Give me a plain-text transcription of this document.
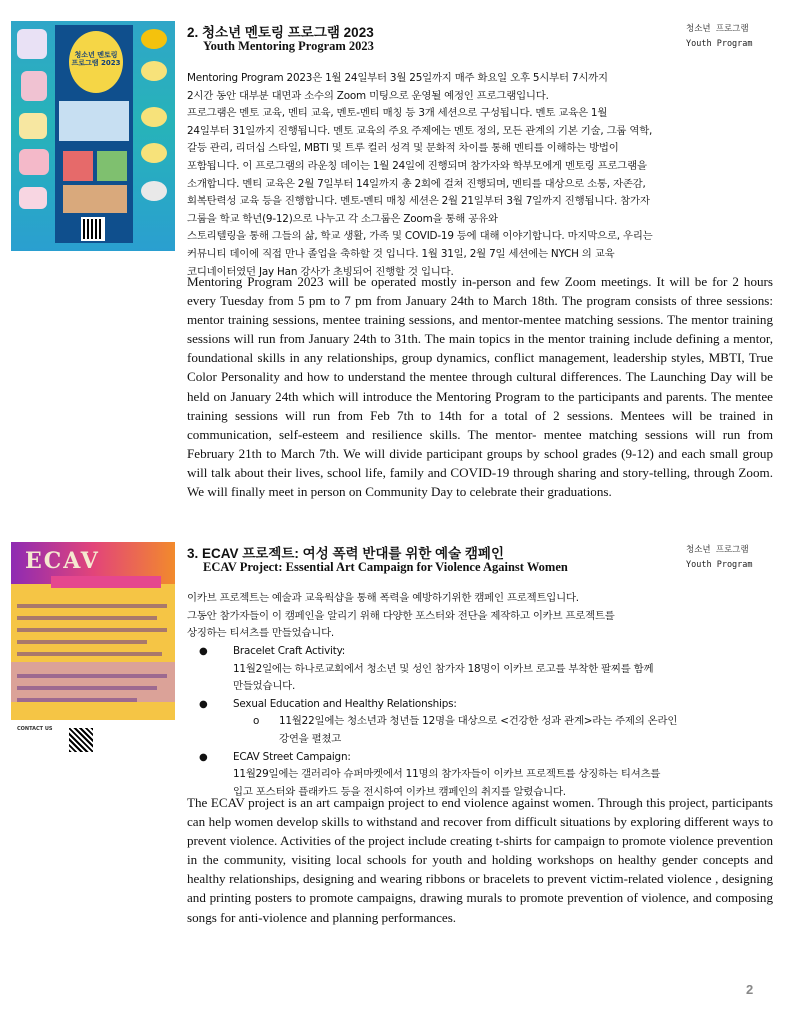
청소년 멘토링 프로그램 2023
2. 청소년 멘토링 프로그램 2023
Youth Mentoring Program 2023
청소년 프로그램
Youth Program
Mentoring Program 2023은 1월 24일부터 3월 25일까지 매주 화요일 오후 5시부터 7시까지
2시간 동안 대부분 대면과 소수의 Zoom 미팅으로 운영될 예정인 프로그램입니다.
프로그램은 멘토 교육, 멘티 교육, 멘토-멘티 매칭 등 3개 세션으로 구성됩니다. 멘토 교육은 1월
24일부터 31일까지 진행됩니다. 멘토 교육의 주요 주제에는 멘토 정의, 모든 관계의 기본 기술, 그룹 역학,
갈등 관리, 리더십 스타일, MBTI 및 트루 컬러 성격 및 문화적 차이를 통해 멘티를 이해하는 방법이
포함됩니다. 이 프로그램의 라운칭 데이는 1월 24일에 진행되며 참가자와 학부모에게 멘토링 프로그램을
소개합니다. 멘티 교육은 2월 7일부터 14일까지 총 2회에 걸쳐 진행되며, 멘티를 대상으로 소통, 자존감,
회복탄력성 교육 등을 진행합니다. 멘토-멘티 매칭 세션은 2월 21일부터 3월 7일까지 진행됩니다. 참가자
그룹을 학교 학년(9-12)으로 나누고 각 소그룹은 Zoom을 통해 공유와
스토리텔링을 통해 그들의 삶, 학교 생활, 가족 및 COVID-19 등에 대해 이야기합니다. 마지막으로, 우리는
커뮤니티 데이에 직접 만나 졸업을 축하할 것 입니다. 1월 31일, 2월 7일 세션에는 NYCH 의 교육
코디네이터였던 Jay Han 강사가 초빙되어 진행할 것 입니다.

Mentoring Program 2023 will be operated mostly in-person and few Zoom meetings. It will be for 2 hours every Tuesday from 5 pm to 7 pm from January 24th to March 18th. The program consists of three sessions: mentor training sessions, mentee training sessions, and mentor-mentee matching sessions. The mentor training sessions will run from January 24th to 31th. The main topics in the mentor training include defining a mentor, foundational skills in any relationships, group dynamics, conflict management, leadership styles, MBTI, True Color Personality and how to understand the mentee through cultural differences. The Launching Day will be held on January 24th which will introduce the Mentoring Program to the participants and parents. The mentee training sessions will run from Feb 7th to 14th for a total of 2 sessions. Mentees will be trained in communication, self-esteem and resilience skills. The mentor- mentee matching sessions will run from February 21th to March 7th. We will divide participant groups by school grades (9-12) and each small group will talk about their lives, school life, family and COVID-19 through sharing and story-telling, through Zoom. We will finally meet in person on Community Day to celebrate their graduations.

ECAV
CONTACT US
3. ECAV 프로젝트: 여성 폭력 반대를 위한 예술 캠페인
ECAV Project: Essential Art Campaign for Violence Against Women
청소년 프로그램
Youth Program
이카브 프로젝트는 예술과 교육웍샵을 통해 폭력을 예방하기위한 캠페인 프로젝트입니다.
그동안 참가자들이 이 캠페인을 알리기 위해 다양한 포스터와 전단을 제작하고 이카브 프로젝트를
상징하는 티셔츠를 만들었습니다.
● Bracelet Craft Activity:
11월2일에는 하나로교회에서 청소년 및 성인 참가자 18명이 이카브 로고를 부착한 팔찌를 함께
만들었습니다.
● Sexual Education and Healthy Relationships:
o 11월22일에는 청소년과 청년들 12명을 대상으로 <건강한 성과 관계>라는 주제의 온라인
강연을 펼쳤고
● ECAV Street Campaign:
11월29일에는 갤러리아 슈퍼마켓에서 11명의 참가자들이 이카브 프로젝트를 상징하는 티셔츠를
입고 포스터와 플래카드 등을 전시하여 이카브 캠페인의 취지를 알렸습니다.

The ECAV project is an art campaign project to end violence against women. Through this project, participants can help women develop skills to withstand and recover from difficult situations by exploring different ways to prevent violence. Activities of the project include creating t-shirts for campaign to promote violence prevention in the community, visiting local schools for youth and holding workshops on healthy gender concepts and healthy relationships, designing and wearing ribbons or bracelets to prevent victim-related violence , designing and printing posters to promote campaigns, drawing murals to promote prevention of violence, and composing songs for anti-violence and planning performances.

2
